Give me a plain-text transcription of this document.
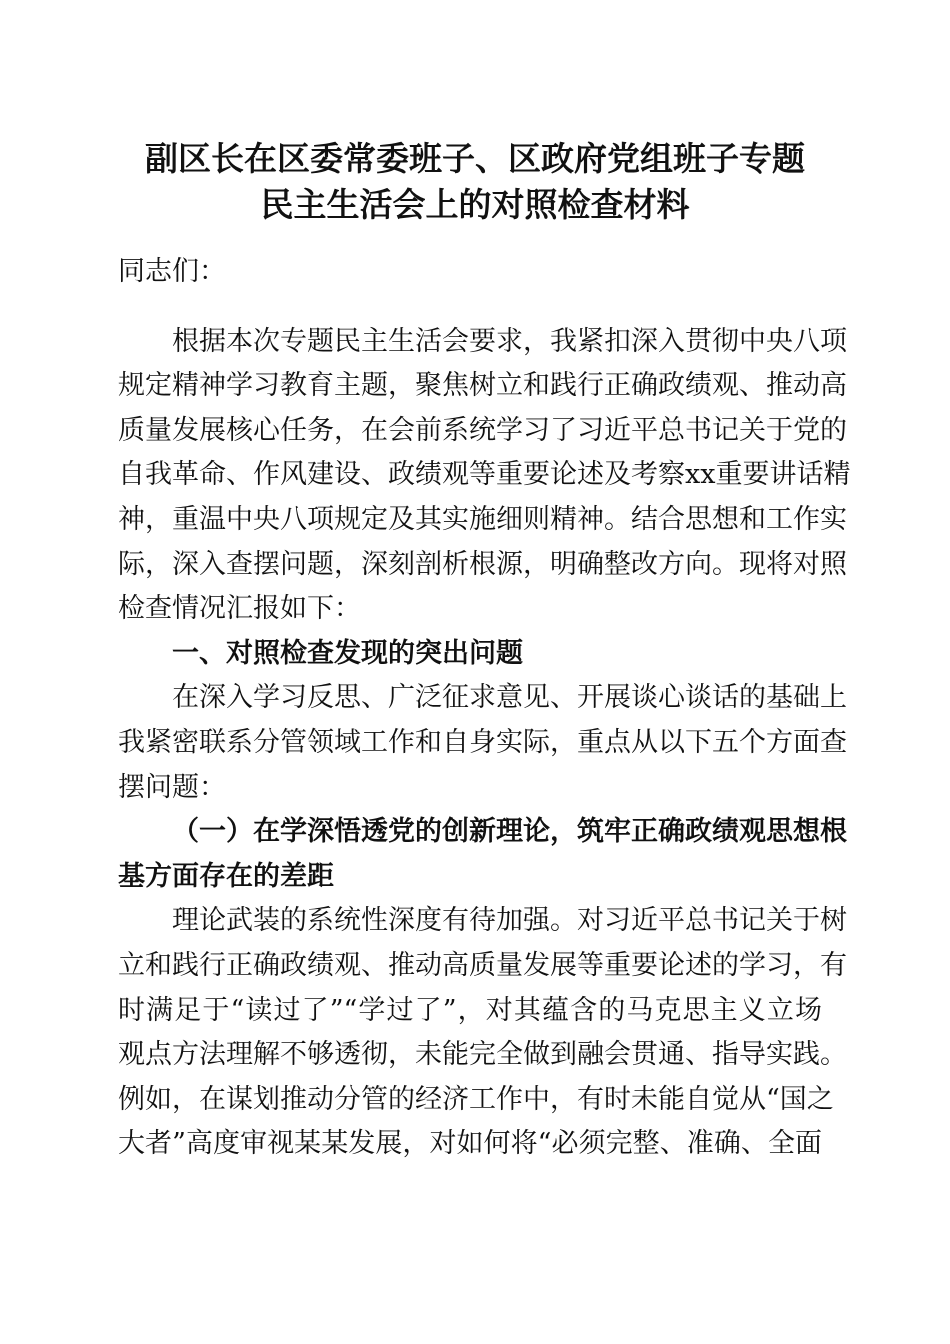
副区长在区委常委班子、区政府党组班子专题
民主生活会上的对照检查材料
同志们：
根据本次专题民主生活会要求，我紧扣深入贯彻中央八项
规定精神学习教育主题，聚焦树立和践行正确政绩观、推动高
质量发展核心任务，在会前系统学习了习近平总书记关于党的
自我革命、作风建设、政绩观等重要论述及考察xx重要讲话精
神，重温中央八项规定及其实施细则精神。结合思想和工作实
际，深入查摆问题，深刻剖析根源，明确整改方向。现将对照
检查情况汇报如下：
一、对照检查发现的突出问题
在深入学习反思、广泛征求意见、开展谈心谈话的基础上
我紧密联系分管领域工作和自身实际，重点从以下五个方面查
摆问题：
（一）在学深悟透党的创新理论，筑牢正确政绩观思想根
基方面存在的差距
理论武装的系统性深度有待加强。对习近平总书记关于树
立和践行正确政绩观、推动高质量发展等重要论述的学习，有
时满足于“读过了”“学过了”，对其蕴含的马克思主义立场
观点方法理解不够透彻，未能完全做到融会贯通、指导实践。
例如，在谋划推动分管的经济工作中，有时未能自觉从“国之
大者”高度审视某某发展，对如何将“必须完整、准确、全面
